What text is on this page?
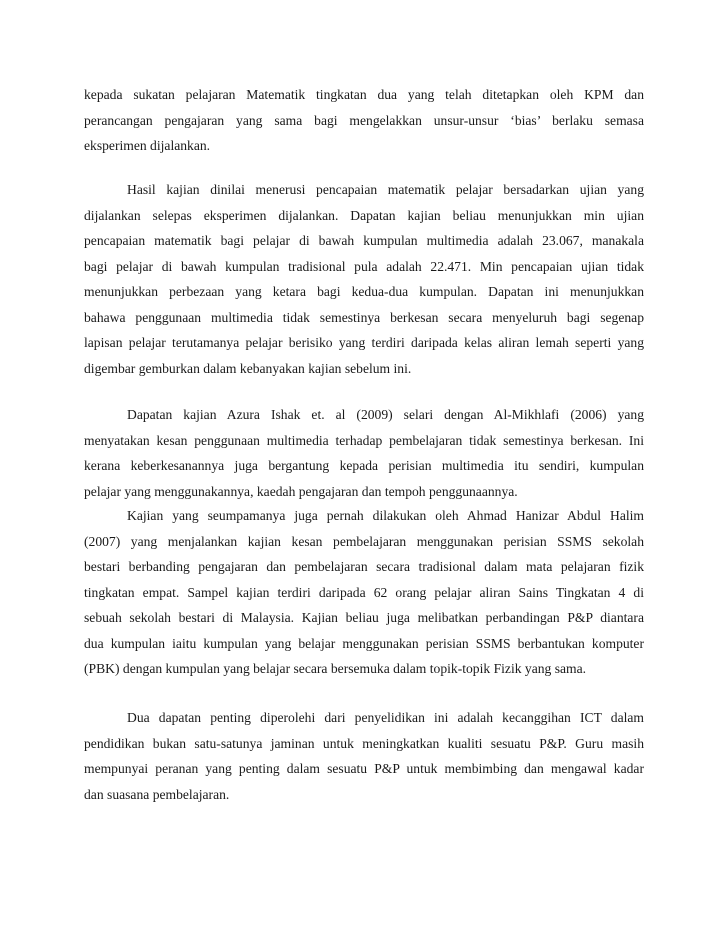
kepada sukatan pelajaran Matematik tingkatan dua yang telah ditetapkan oleh KPM dan
perancangan pengajaran yang sama bagi mengelakkan unsur-unsur ‘bias’ berlaku semasa
eksperimen dijalankan.
Hasil kajian dinilai menerusi pencapaian matematik pelajar bersadarkan ujian yang
dijalankan selepas eksperimen dijalankan. Dapatan kajian beliau menunjukkan min ujian
pencapaian matematik bagi pelajar di bawah kumpulan multimedia adalah 23.067, manakala
bagi pelajar di bawah kumpulan tradisional pula adalah 22.471. Min pencapaian ujian tidak
menunjukkan perbezaan yang ketara bagi kedua-dua kumpulan. Dapatan ini menunjukkan
bahawa penggunaan multimedia tidak semestinya berkesan secara menyeluruh bagi segenap
lapisan pelajar terutamanya pelajar berisiko yang terdiri daripada kelas aliran lemah seperti yang
digembar gemburkan dalam kebanyakan kajian sebelum ini.
Dapatan kajian Azura Ishak et. al (2009) selari dengan Al-Mikhlafi (2006) yang
menyatakan kesan penggunaan multimedia terhadap pembelajaran tidak semestinya berkesan. Ini
kerana keberkesanannya juga bergantung kepada perisian multimedia itu sendiri, kumpulan
pelajar yang menggunakannya, kaedah pengajaran dan tempoh penggunaannya.
Kajian yang seumpamanya juga pernah dilakukan oleh Ahmad Hanizar Abdul Halim
(2007) yang menjalankan kajian kesan pembelajaran menggunakan perisian SSMS sekolah
bestari berbanding pengajaran dan pembelajaran secara tradisional dalam mata pelajaran fizik
tingkatan empat. Sampel kajian terdiri daripada 62 orang pelajar aliran Sains Tingkatan 4 di
sebuah sekolah bestari di Malaysia. Kajian beliau juga melibatkan perbandingan P&P diantara
dua kumpulan iaitu kumpulan yang belajar menggunakan perisian SSMS berbantukan komputer
(PBK) dengan kumpulan yang belajar secara bersemuka dalam topik-topik Fizik yang sama.
Dua dapatan penting diperolehi dari penyelidikan ini adalah kecanggihan ICT dalam
pendidikan bukan satu-satunya jaminan untuk meningkatkan kualiti sesuatu P&P. Guru masih
mempunyai peranan yang penting dalam sesuatu P&P untuk membimbing dan mengawal kadar
dan suasana pembelajaran.
